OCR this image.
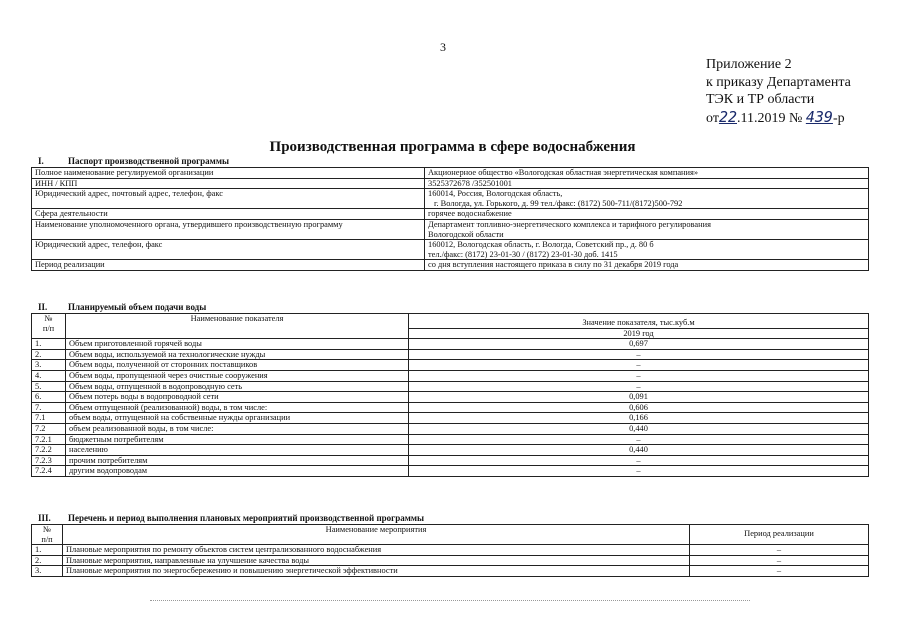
3
Приложение 2
к приказу Департамента
ТЭК и ТР области
от22.11.2019 № 439-р
Производственная программа в сфере водоснабжения
I.	Паспорт производственной программы
Полное наименование регулируемой организации	Акционерное общество «Вологодская областная энергетическая компания»

ИНН / КПП	3525372678 /352501001

Юридический адрес, почтовый адрес, телефон, факс	160014, Россия, Вологодская область,
г. Вологда, ул. Горького, д. 99 тел./факс: (8172) 500-711/(8172)500-792

Сфера деятельности	горячее водоснабжение

Наименование уполномоченного органа, утвердившего производственную программу	Департамент топливно-энергетического комплекса и тарифного регулирования
Вологодской области

Юридический адрес, телефон, факс	160012, Вологодская область, г. Вологда, Советский пр., д. 80 б
тел./факс: (8172) 23-01-30 / (8172) 23-01-30 доб. 1415

Период реализации	со дня вступления настоящего приказа в силу по 31 декабря 2019 года
II. Планируемый объем подачи воды
№
п/п	Наименование показателя	Значение показателя, тыс.куб.м
		2019 год
1.	Объем приготовленной горячей воды	0,697
2.	Объем воды, используемой на технологические нужды	–
3.	Объем воды, полученной от сторонних поставщиков	–
4.	Объем воды, пропущенной через очистные сооружения	–
5.	Объем воды, отпущенной в водопроводную сеть	–
6.	Объем потерь воды в водопроводной сети	0,091
7.	Объем отпущенной (реализованной) воды, в том числе:	0,606
7.1	объем воды, отпущенной на собственные нужды организации	0,166
7.2	объем реализованной воды, в том числе:	0,440
7.2.1	бюджетным потребителям	–
7.2.2	населению	0,440
7.2.3	прочим потребителям	–
7.2.4	другим водопроводам	–
III. Перечень и период выполнения плановых мероприятий производственной программы
№
п/п	Наименование мероприятия	Период реализации
1.	Плановые мероприятия по ремонту объектов систем централизованного водоснабжения	–
2.	Плановые мероприятия, направленные на улучшение качества воды	–
3.	Плановые мероприятия по энергосбережению и повышению энергетической эффективности	–
